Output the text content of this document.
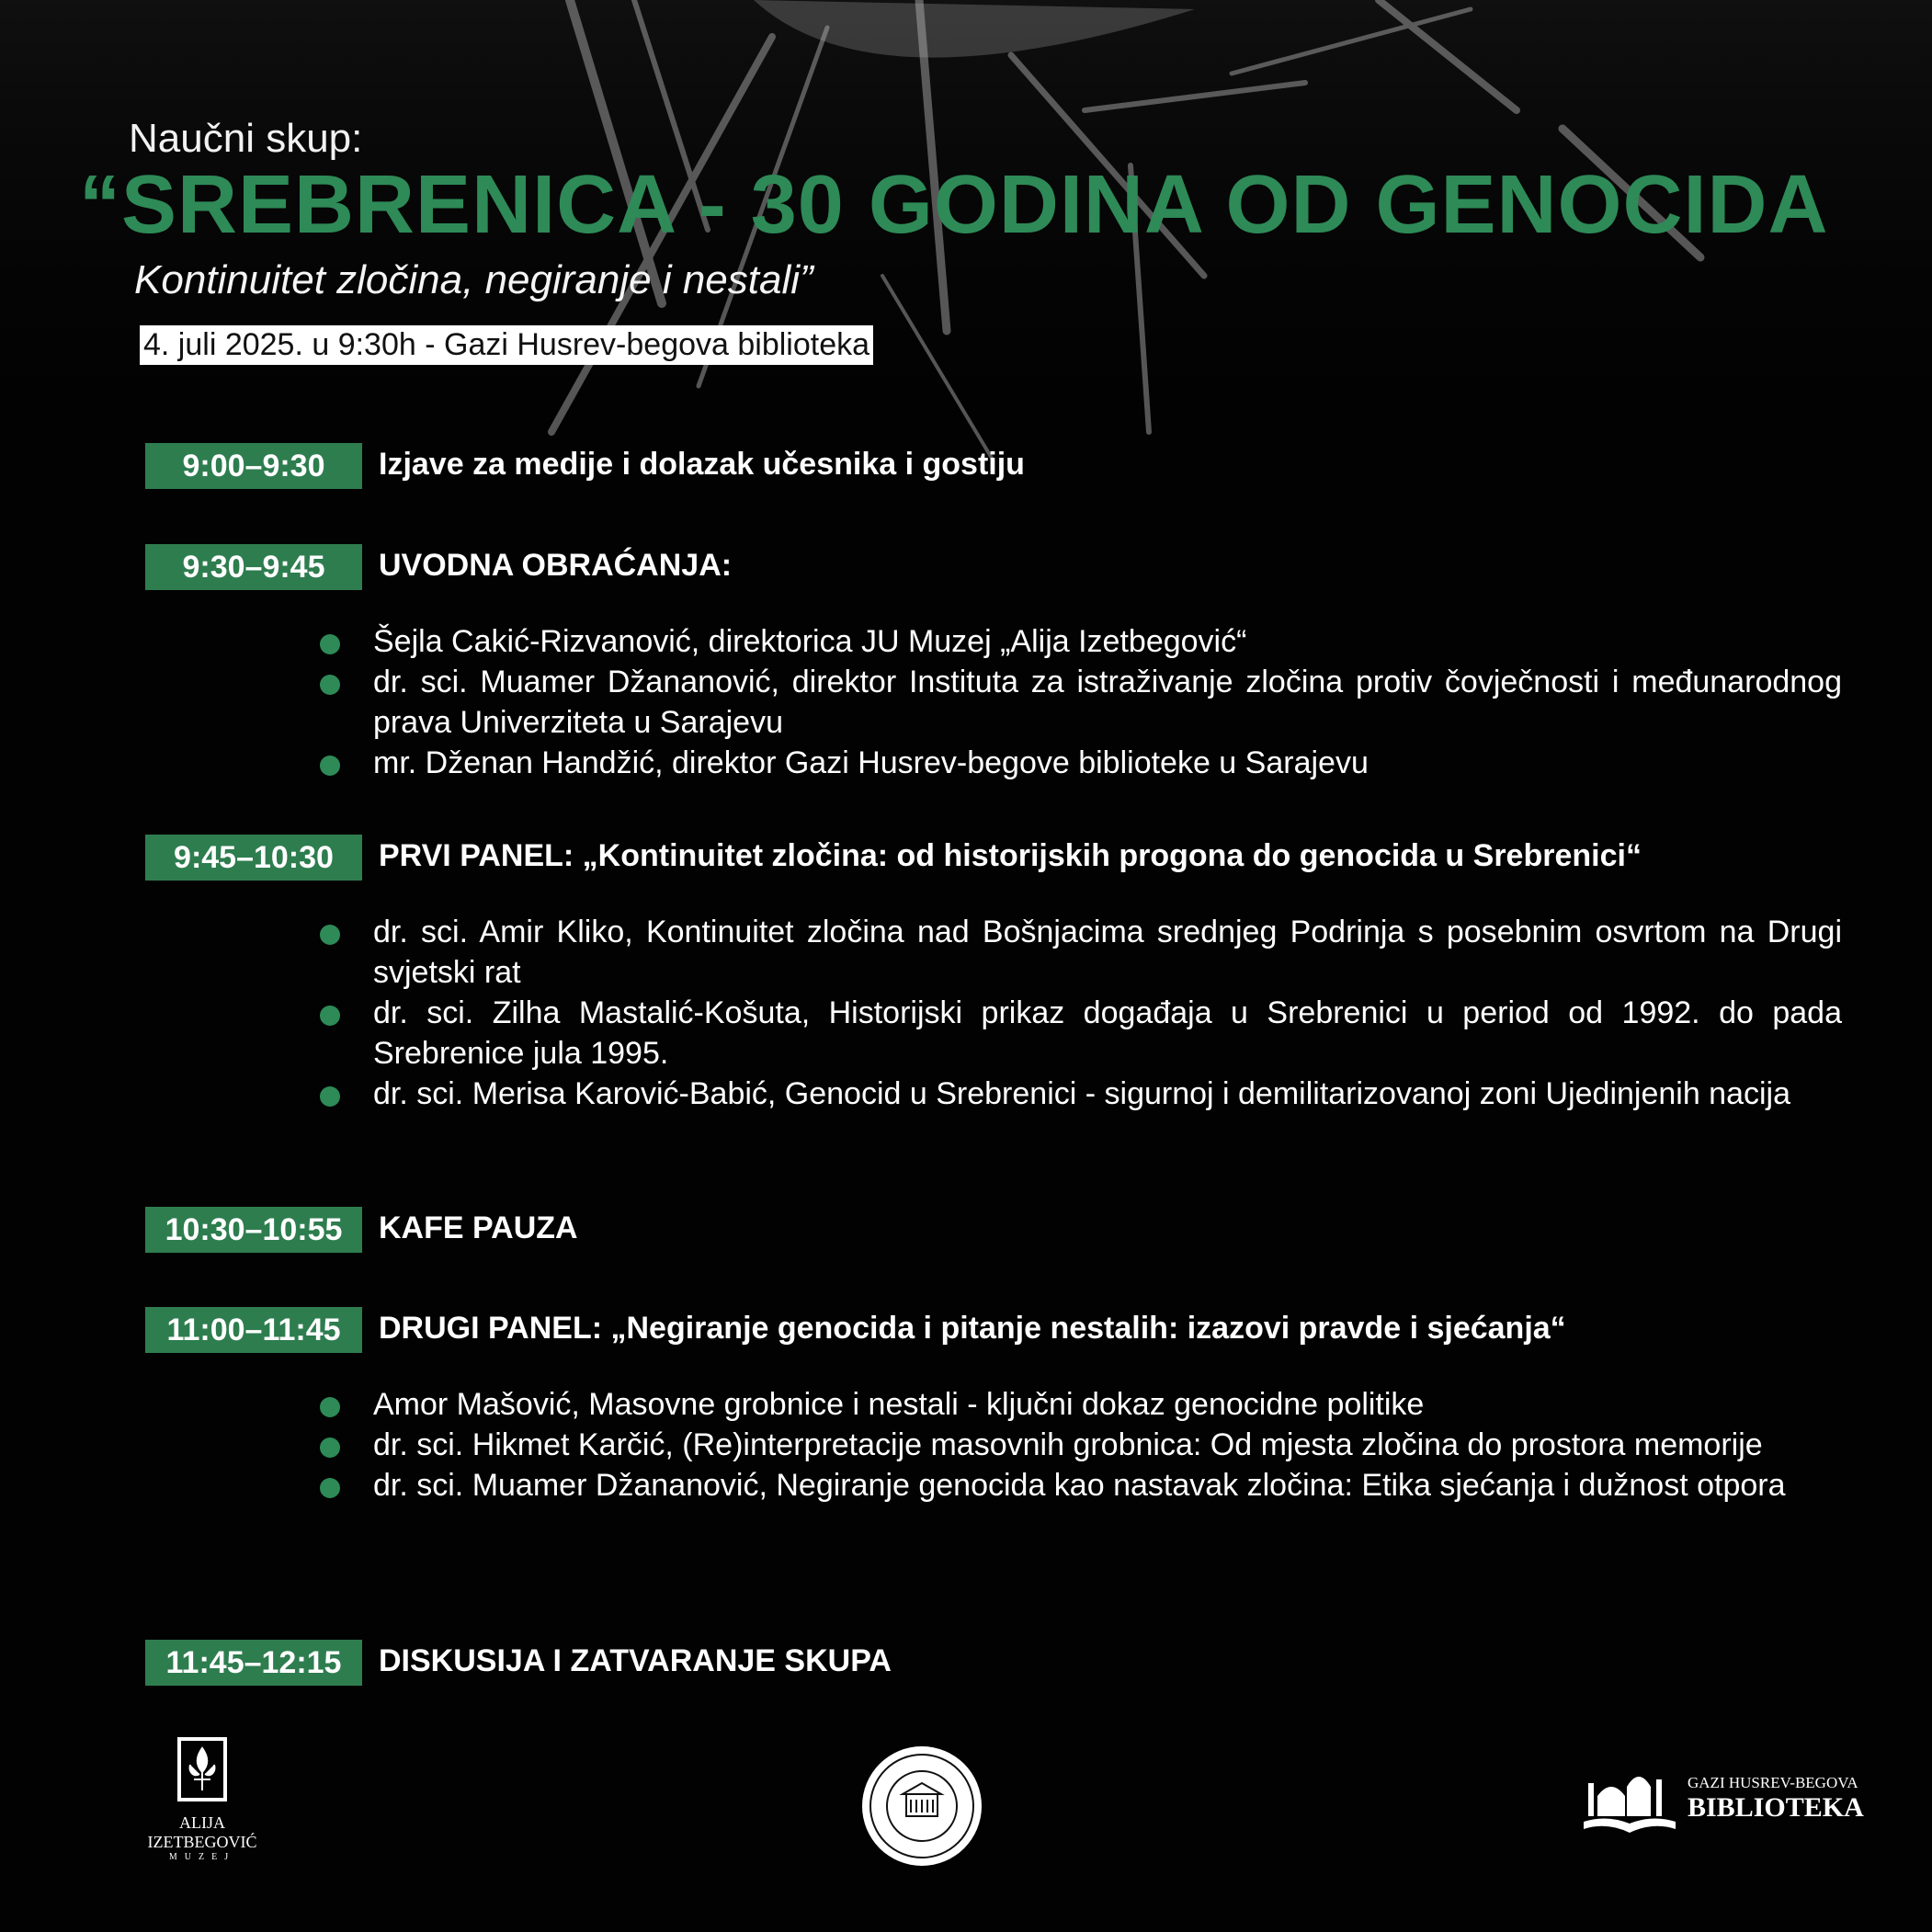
Naučni skup:
“SREBRENICA - 30 GODINA OD GENOCIDA
Kontinuitet zločina, negiranje i nestali”
4. juli 2025. u 9:30h - Gazi Husrev-begova biblioteka
9:00–9:30	Izjave za medije i dolazak učesnika i gostiju
9:30–9:45	UVODNA OBRAĆANJA:
Šejla Cakić-Rizvanović, direktorica JU Muzej „Alija Izetbegović“
dr. sci. Muamer Džananović, direktor Instituta za istraživanje zločina protiv čovječnosti i međunarodnog prava Univerziteta u Sarajevu
mr. Dženan Handžić, direktor Gazi Husrev-begove biblioteke u Sarajevu
9:45–10:30	PRVI PANEL: „Kontinuitet zločina: od historijskih progona do genocida u Srebrenici“
dr. sci. Amir Kliko, Kontinuitet zločina nad Bošnjacima srednjeg Podrinja s posebnim osvrtom na Drugi svjetski rat
dr. sci. Zilha Mastalić-Košuta, Historijski prikaz događaja u Srebrenici u period od 1992. do pada Srebrenice jula 1995.
dr. sci. Merisa Karović-Babić, Genocid u Srebrenici - sigurnoj i demilitarizovanoj zoni Ujedinjenih nacija
10:30–10:55	KAFE PAUZA
11:00–11:45	DRUGI PANEL: „Negiranje genocida i pitanje nestalih: izazovi pravde i sjećanja“
Amor Mašović, Masovne grobnice i nestali - ključni dokaz genocidne politike
dr. sci. Hikmet Karčić, (Re)interpretacije masovnih grobnica: Od mjesta zločina do prostora memorije
dr. sci. Muamer Džananović, Negiranje genocida kao nastavak zločina: Etika sjećanja i dužnost otpora
11:45–12:15	DISKUSIJA I ZATVARANJE SKUPA
ALIJA
IZETBEGOVIĆ
MUZEJ
GAZI HUSREV-BEGOVA
BIBLIOTEKA
